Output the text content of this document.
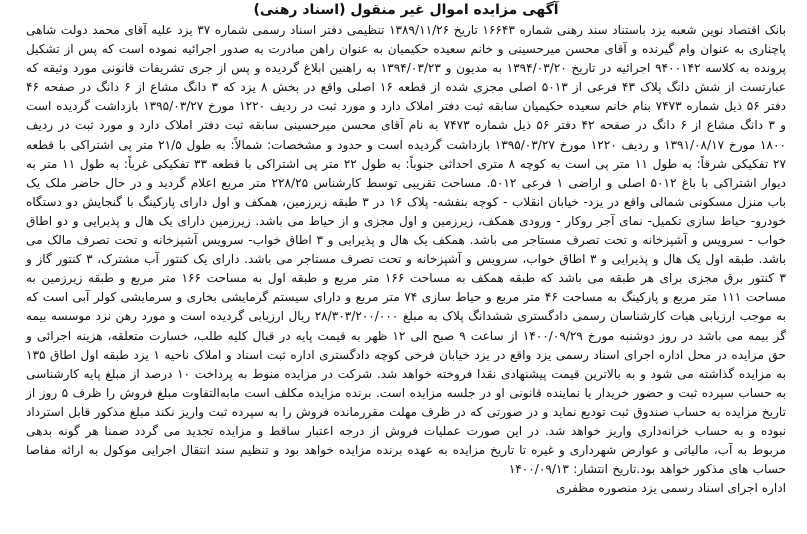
آگهی مزایده اموال غیر منقول (اسناد رهنی)

بانک اقتصاد نوین شعبه یزد باستناد سند رهنی شماره ۱۶۶۴۳ تاریخ ۱۳۸۹/۱۱/۲۶ تنظیمی دفتر اسناد رسمی شماره ۳۷ یزد علیه آقای محمد دولت شاهی پاچناری به عنوان وام گیرنده و آقای محسن میرحسینی و خانم سعیده حکیمیان به عنوان راهن مبادرت به صدور اجرائیه نموده است که پس از تشکیل پرونده به کلاسه ۹۴۰۰۱۴۲ اجرائیه در تاریخ ۱۳۹۴/۰۳/۲۰ به مدیون و ۱۳۹۴/۰۳/۲۳ به راهنین ابلاغ گردیده و پس از جری تشریفات قانونی مورد وثیقه که عبارتست از شش دانگ پلاک ۴۳ فرعی از ۵۰۱۳ اصلی مجزی شده از قطعه ۱۶ اصلی واقع در بخش ۸ یزد که ۳ دانگ مشاع از ۶ دانگ در صفحه ۴۶ دفتر ۵۶ ذیل شماره ۷۴۷۳ بنام خانم سعیده حکیمیان سابقه ثبت دفتر املاک دارد و مورد ثبت در ردیف ۱۲۲۰ مورخ ۱۳۹۵/۰۳/۲۷ بازداشت گردیده است و ۳ دانگ مشاع از ۶ دانگ در صفحه ۴۲ دفتر ۵۶ ذیل شماره ۷۴۷۳ به نام آقای محسن میرحسینی سابقه ثبت دفتر املاک دارد و مورد ثبت در ردیف ۱۸۰۰ مورخ ۱۳۹۱/۰۸/۱۷ و ردیف ۱۲۲۰ مورخ ۱۳۹۵/۰۳/۲۷ بازداشت گردیده است و حدود و مشخصات: شمالاً: به طول ۲۱/۵ متر پی اشتراکی با قطعه ۲۷ تفکیکی شرقاً: به طول ۱۱ متر پی است به کوچه ۸ متری احداثی جنوباً: به طول ۲۲ متر پی اشتراکی با قطعه ۳۳ تفکیکی غرباً: به طول ۱۱ متر به دیوار اشتراکی با باغ ۵۰۱۲ اصلی و اراضی ۱ فرعی ۵۰۱۲. مساحت تقریبی توسط کارشناس ۲۲۸/۲۵ متر مربع اعلام گردید و در حال حاضر ملک یک باب منزل مسکونی شمالی واقع در یزد- خیابان انقلاب - کوچه بنفشه- پلاک ۱۶ در ۳ طبقه زیرزمین، همکف و اول دارای پارکینگ با گنجایش دو دستگاه خودرو- حیاط سازی تکمیل- نمای آجر روکار - ورودی همکف، زیرزمین و اول مجزی و از حیاط می باشد. زیرزمین دارای یک هال و پذیرایی و دو اطاق خواب - سرویس و آشپزخانه و تحت تصرف مستاجر می باشد. همکف یک هال و پذیرایی و ۳ اطاق خواب- سرویس آشپزخانه و تحت تصرف مالک می باشد. طبقه اول یک هال و پذیرایی و ۳ اطاق خواب، سرویس و آشپزخانه و تحت تصرف مستاجر می باشد. دارای یک کنتور آب مشترک، ۳ کنتور گاز و ۳ کنتور برق مجزی برای هر طبقه می باشد که طبقه همکف به مساحت ۱۶۶ متر مربع و طبقه اول به مساحت ۱۶۶ متر مربع و طبقه زیرزمین به مساحت ۱۱۱ متر مربع و پارکینگ به مساحت ۴۶ متر مربع و حیاط سازی ۷۴ متر مربع و دارای سیستم گرمایشی بخاری و سرمایشی کولر آبی است که به موجب ارزیابی هیات کارشناسان رسمی دادگستری ششدانگ پلاک به مبلغ ۲۸/۳۰۳/۲۰۰/۰۰۰ ریال ارزیابی گردیده است و مورد رهن نزد موسسه بیمه گر بیمه می باشد در روز دوشنبه مورخ ۱۴۰۰/۰۹/۲۹ از ساعت ۹ صبح الی ۱۲ ظهر به قیمت پایه در قبال کلیه طلب، خسارت متعلقه، هزینه اجرائی و حق مزایده در محل اداره اجرای اسناد رسمی یزد واقع در یزد خیابان فرخی کوچه دادگستری اداره ثبت اسناد و املاک ناحیه ۱ یزد طبقه اول اطاق ۱۳۵ به مزایده گذاشته می شود و به بالاترین قیمت پیشنهادی نقدا فروخته خواهد شد. شرکت در مزایده منوط به پرداخت ۱۰ درصد از مبلغ پایه کارشناسی به حساب سپرده ثبت و حضور خریدار یا نماینده قانونی او در جلسه مزایده است. برنده مزایده مکلف است مابه‌التفاوت مبلغ فروش را ظرف ۵ روز از تاریخ مزایده به حساب صندوق ثبت تودیع نماید و در صورتی که در ظرف مهلت مقررمانده فروش را به سپرده ثبت واریز نکند مبلغ مذکور قابل استرداد نبوده و به حساب خزانه‌داری واریز خواهد شد. در این صورت عملیات فروش از درجه اعتبار ساقط و مزایده تجدید می گردد ضمنا هر گونه بدهی مربوط به آب، مالیاتی و عوارض شهرداری و غیره تا تاریخ مزایده به عهده برنده مزایده خواهد بود و تنظیم سند انتقال اجرایی موکول به ارائه مفاصا حساب های مذکور خواهد بود.تاریخ انتشار: ۱۴۰۰/۰۹/۱۳

اداره اجرای اسناد رسمی یزد منصوره مظفری
